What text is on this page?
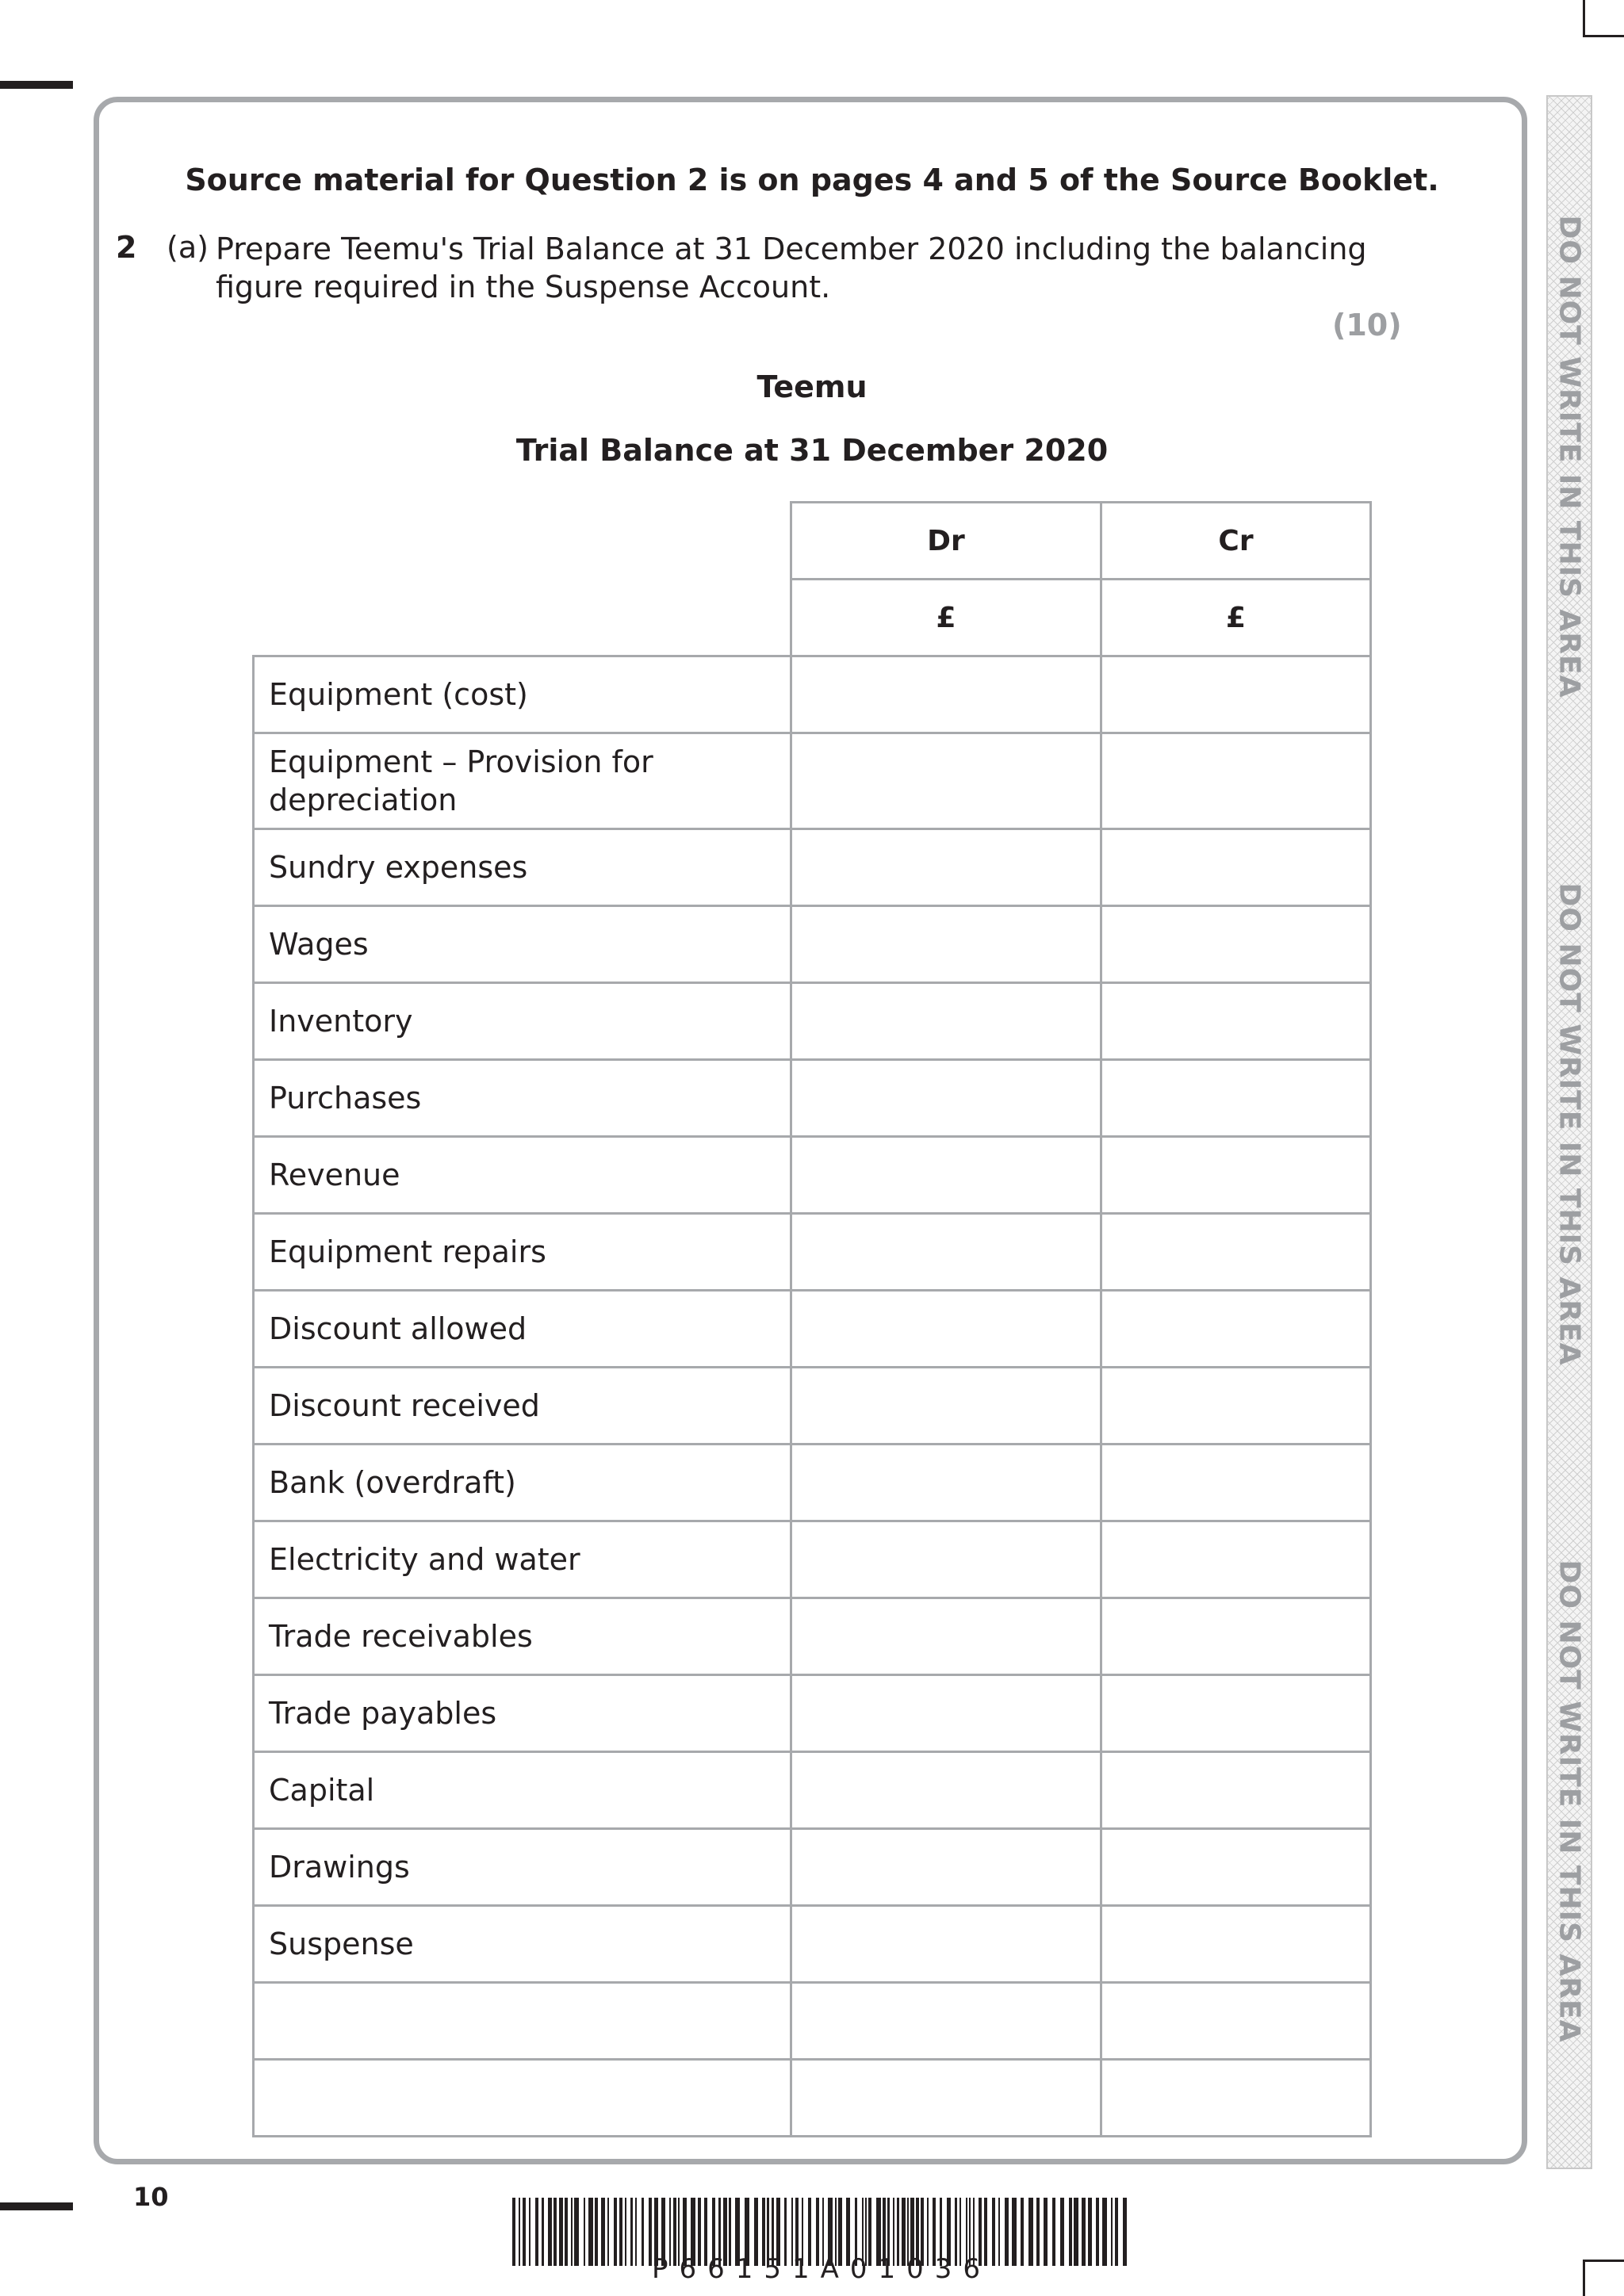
DO NOT WRITE IN THIS AREA
DO NOT WRITE IN THIS AREA
DO NOT WRITE IN THIS AREA
Source material for Question 2 is on pages 4 and 5 of the Source Booklet.
2 (a) Prepare Teemu's Trial Balance at 31 December 2020 including the balancing figure required in the Suspense Account.
(10)
Teemu
Trial Balance at 31 December 2020
Dr	Cr
£	£
Equipment (cost)
Equipment – Provision for depreciation
Sundry expenses
Wages
Inventory
Purchases
Revenue
Equipment repairs
Discount allowed
Discount received
Bank (overdraft)
Electricity and water
Trade receivables
Trade payables
Capital
Drawings
Suspense
10
P66151A01036
